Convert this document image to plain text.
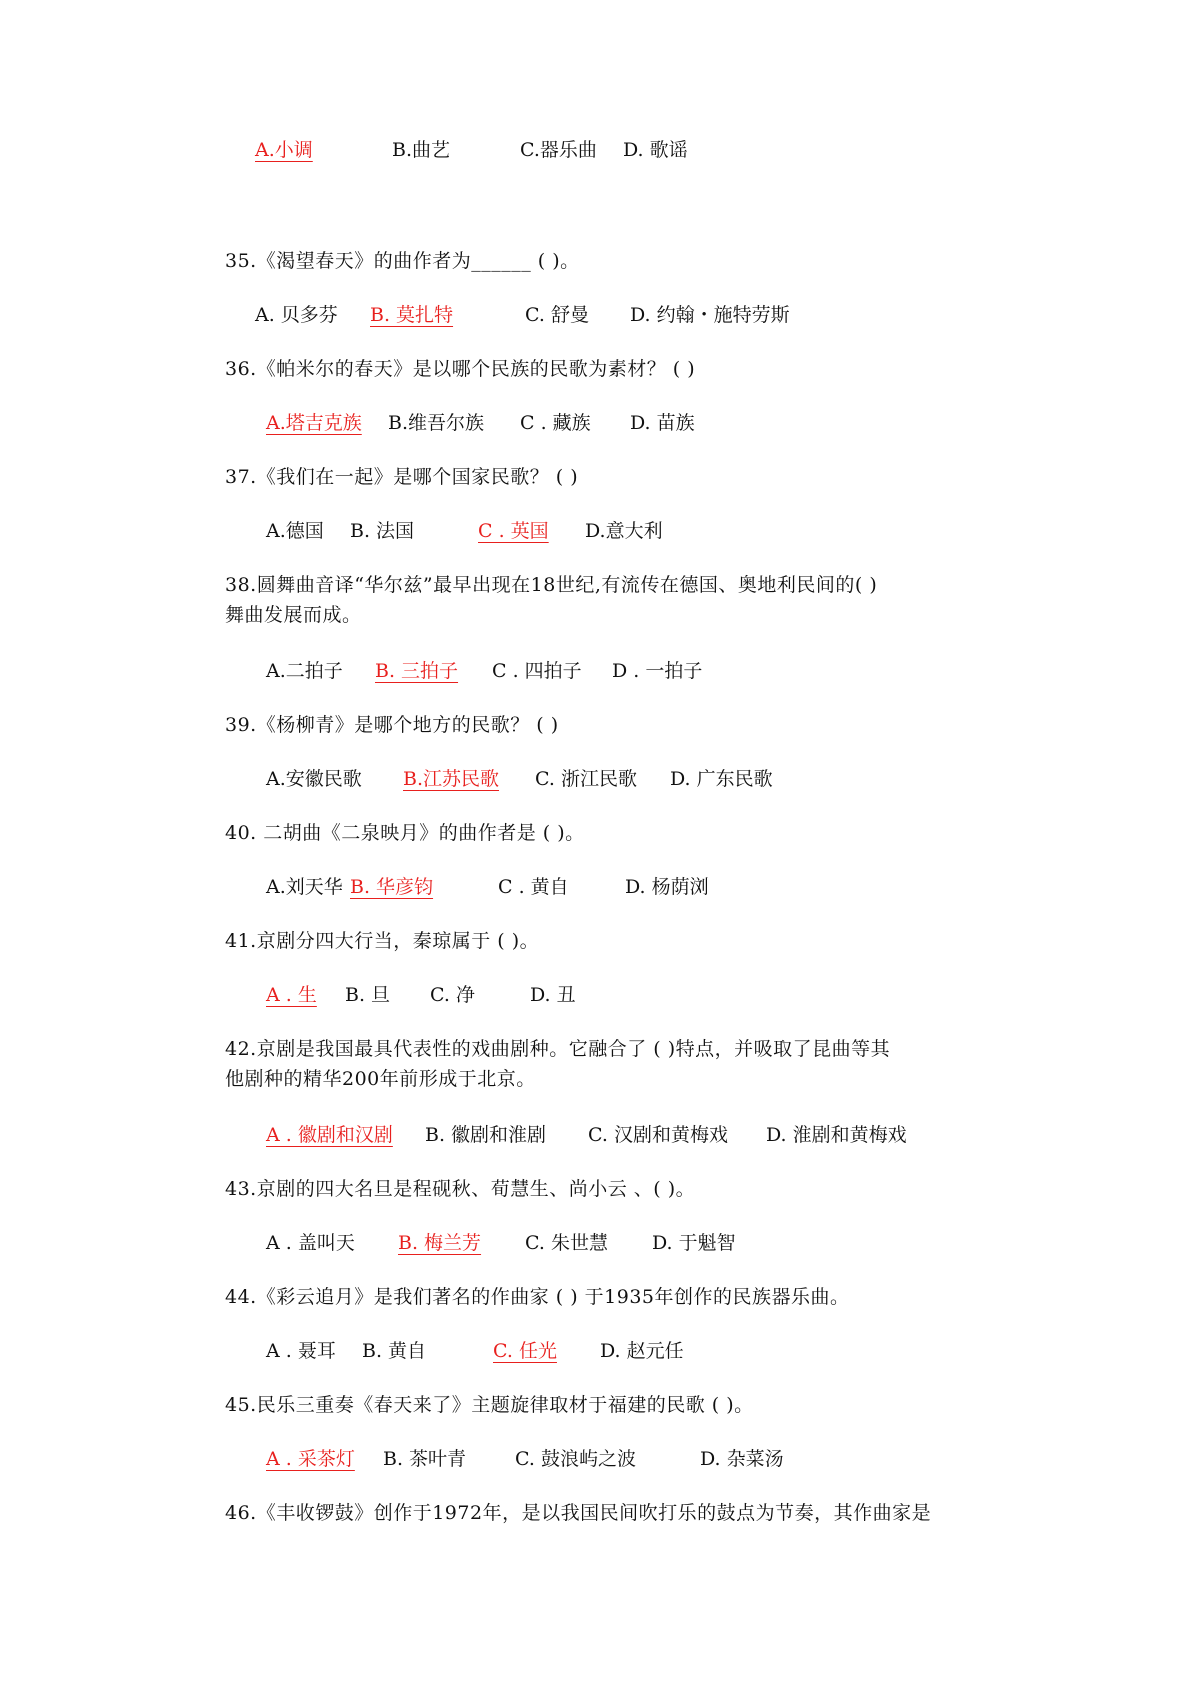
A.小调	B.曲艺	C.器乐曲 D. 歌谣
35.《渴望春天》的曲作者为______ ( )。
A. 贝多芬 B. 莫扎特	C. 舒曼 D. 约翰・施特劳斯
36.《帕米尔的春天》是以哪个民族的民歌为素材？ ( )
A.塔吉克族	B.维吾尔族 C . 藏族 D. 苗族
37.《我们在一起》是哪个国家民歌？ ( )
A.德国 B. 法国	C . 英国	D.意大利
38.圆舞曲音译“华尔兹”最早出现在18世纪,有流传在德国、奥地利民间的( )
舞曲发展而成。
A.二拍子 B. 三拍子	C . 四拍子 D . 一拍子
39.《杨柳青》是哪个地方的民歌？ ( )
A.安徽民歌 B.江苏民歌	C. 浙江民歌 D. 广东民歌
40. 二胡曲《二泉映月》的曲作者是 ( )。
A.刘天华 B. 华彦钧	C . 黄自	D. 杨荫浏
41.京剧分四大行当，秦琼属于 ( )。
A . 生	B. 旦 C. 净	D. 丑
42.京剧是我国最具代表性的戏曲剧种。它融合了 ( )特点，并吸取了昆曲等其
他剧种的精华200年前形成于北京。
A . 徽剧和汉剧 B. 徽剧和淮剧 C. 汉剧和黄梅戏 D. 淮剧和黄梅戏
43.京剧的四大名旦是程砚秋、荀慧生、尚小云 、( )。
A . 盖叫天 B. 梅兰芳	C. 朱世慧 D. 于魁智
44.《彩云追月》是我们著名的作曲家 ( ) 于1935年创作的民族器乐曲。
A . 聂耳 B. 黄自	C. 任光	D. 赵元任
45.民乐三重奏《春天来了》主题旋律取材于福建的民歌 ( )。
A . 采茶灯 B. 茶叶青	C. 鼓浪屿之波	D. 杂菜汤
46.《丰收锣鼓》创作于1972年，是以我国民间吹打乐的鼓点为节奏，其作曲家是
